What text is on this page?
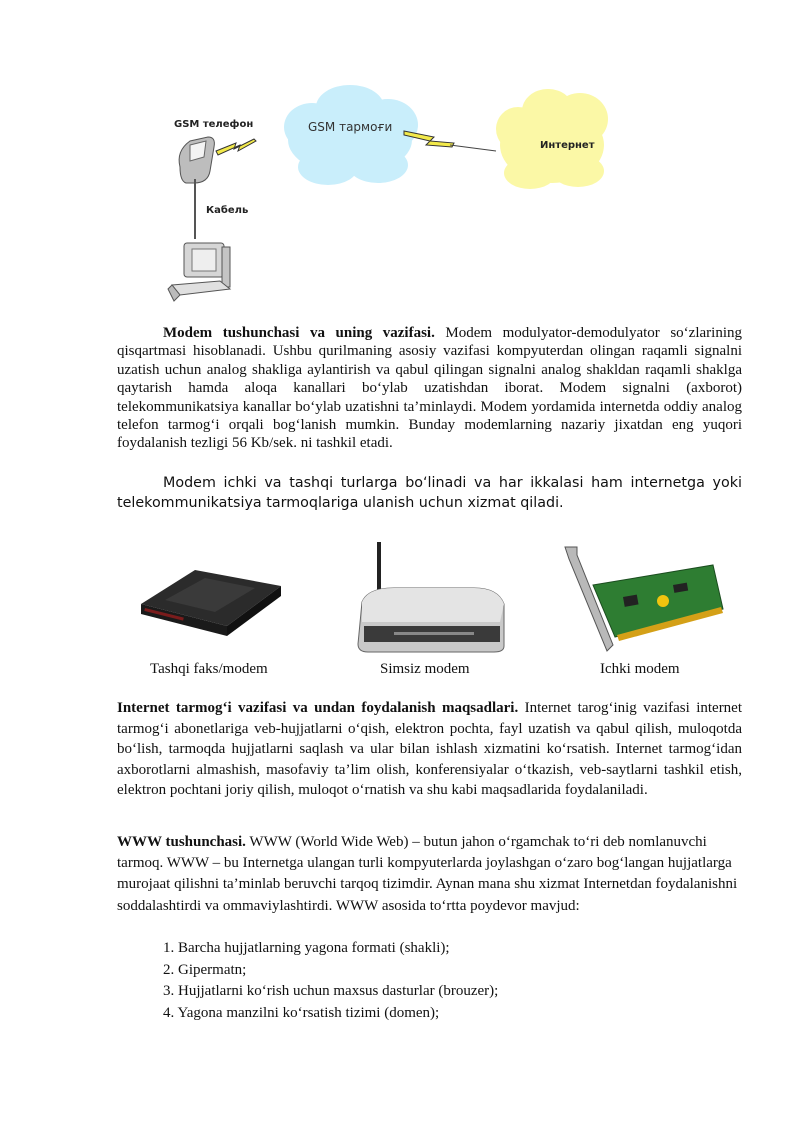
GSM тармоғи
Интернет
GSM телефон
Кабель
Modem tushunchasi va uning vazifasi. Modem modulyator-demodulyator so‘zlarining qisqartmasi hisoblanadi. Ushbu qurilmaning asosiy vazifasi kompyuterdan olingan raqamli signalni uzatish uchun analog shakliga aylantirish va qabul qilingan signalni analog shakldan raqamli shaklga qaytarish hamda aloqa kanallari bo‘ylab uzatishdan iborat. Modem signalni (axborot) telekommunikatsiya kanallar bo‘ylab uzatishni ta’minlaydi. Modem yordamida internetda oddiy analog telefon tarmog‘i orqali bog‘lanish mumkin. Bunday modemlarning nazariy jixatdan eng yuqori foydalanish tezligi 56 Kb/sek. ni tashkil etadi.
Modem ichki va tashqi turlarga bo‘linadi va har ikkalasi ham internetga yoki telekommunikatsiya tarmoqlariga ulanish uchun xizmat qiladi.
Tashqi faks/modem	Simsiz modem	Ichki modem
Internet tarmog‘i vazifasi va undan foydalanish maqsadlari. Internet tarog‘inig vazifasi internet tarmog‘i abonetlariga veb-hujjatlarni o‘qish, elektron pochta, fayl uzatish va qabul qilish, muloqotda bo‘lish, tarmoqda hujjatlarni saqlash va ular bilan ishlash xizmatini ko‘rsatish. Internet tarmog‘idan axborotlarni almashish, masofaviy ta’lim olish, konferensiyalar o‘tkazish, veb-saytlarni tashkil etish, elektron pochtani joriy qilish, muloqot o‘rnatish va shu kabi maqsadlarida foydalaniladi.
WWW tushunchasi. WWW (World Wide Web) – butun jahon o‘rgamchak to‘ri deb nomlanuvchi tarmoq. WWW – bu Internetga ulangan turli kompyuterlarda joylashgan o‘zaro bog‘langan hujjatlarga murojaat qilishni ta’minlab beruvchi tarqoq tizimdir. Aynan mana shu xizmat Internetdan foydalanishni soddalashtirdi va ommaviylashtirdi. WWW asosida to‘rtta poydevor mavjud:
1. Barcha hujjatlarning yagona formati (shakli);
2. Gipermatn;
3. Hujjatlarni ko‘rish uchun maxsus dasturlar (brouzer);
4. Yagona manzilni ko‘rsatish tizimi (domen);
